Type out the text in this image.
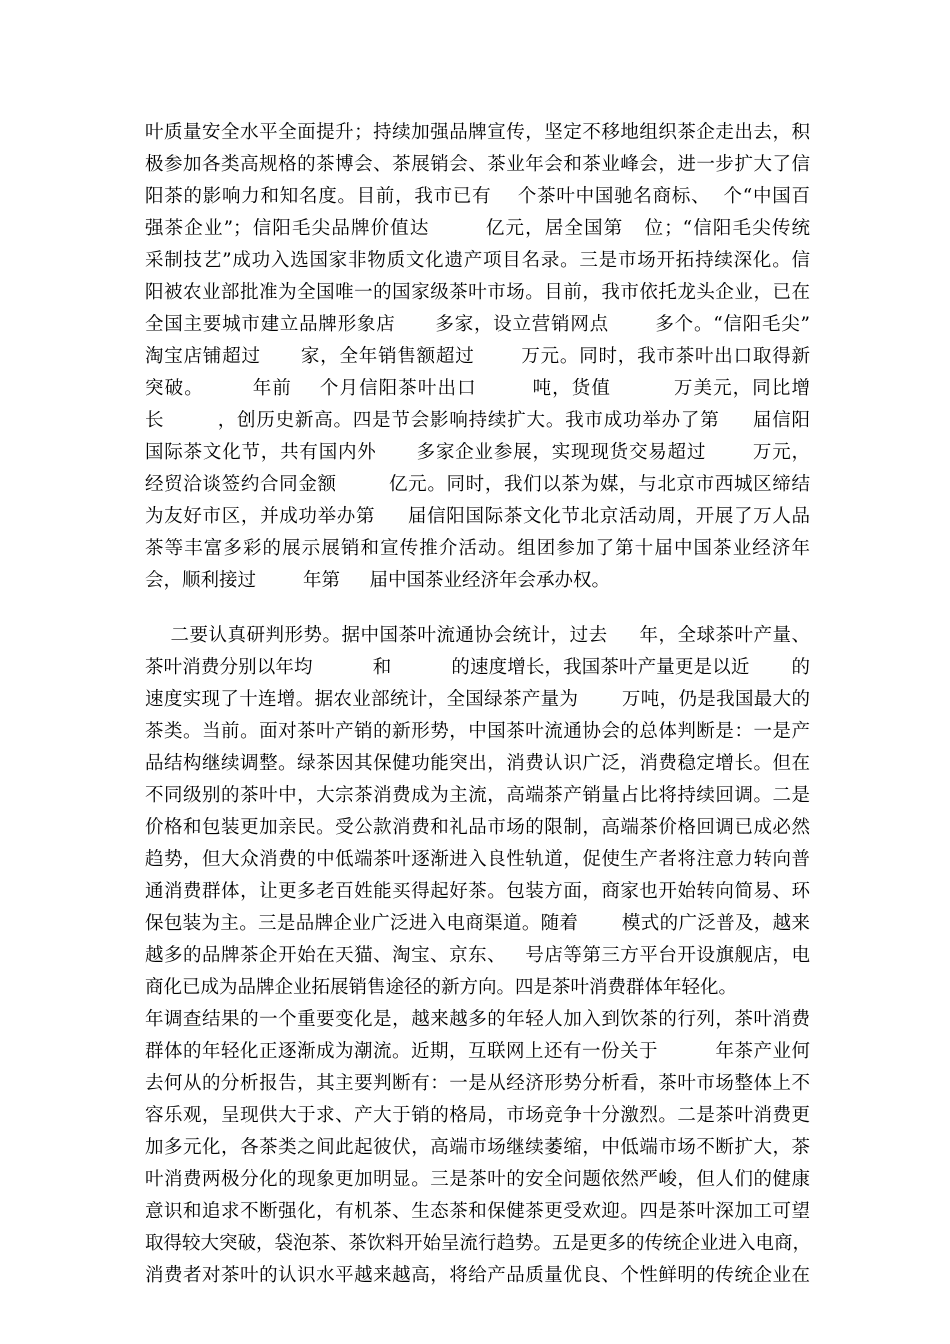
叶质量安全水平全面提升；持续加强品牌宣传，坚定不移地组织茶企走出去，积
极参加各类高规格的茶博会、茶展销会、茶业年会和茶业峰会，进一步扩大了信
阳茶的影响力和知名度。目前，我市已有    个茶叶中国驰名商标、  个“中国百
强茶企业”；信阳毛尖品牌价值达        亿元，居全国第   位；“信阳毛尖传统
采制技艺”成功入选国家非物质文化遗产项目名录。三是市场开拓持续深化。信
阳被农业部批准为全国唯一的国家级茶叶市场。目前，我市依托龙头企业，已在
全国主要城市建立品牌形象店      多家，设立营销网点       多个。“信阳毛尖”
淘宝店铺超过      家，全年销售额超过       万元。同时，我市茶叶出口取得新
突破。       年前    个月信阳茶叶出口        吨，货值         万美元，同比增
长        ，创历史新高。四是节会影响持续扩大。我市成功举办了第     届信阳
国际茶文化节，共有国内外      多家企业参展，实现现货交易超过       万元，
经贸洽谈签约合同金额        亿元。同时，我们以茶为媒，与北京市西城区缔结
为友好市区，并成功举办第     届信阳国际茶文化节北京活动周，开展了万人品
茶等丰富多彩的展示展销和宣传推介活动。组团参加了第十届中国茶业经济年
会，顺利接过        年第     届中国茶业经济年会承办权。
二要认真研判形势。据中国茶叶流通协会统计，过去     年，全球茶叶产量、
茶叶消费分别以年均          和          的速度增长，我国茶叶产量更是以近       的
速度实现了十连增。据农业部统计，全国绿茶产量为       万吨，仍是我国最大的
茶类。当前。面对茶叶产销的新形势，中国茶叶流通协会的总体判断是：一是产
品结构继续调整。绿茶因其保健功能突出，消费认识广泛，消费稳定增长。但在
不同级别的茶叶中，大宗茶消费成为主流，高端茶产销量占比将持续回调。二是
价格和包装更加亲民。受公款消费和礼品市场的限制，高端茶价格回调已成必然
趋势，但大众消费的中低端茶叶逐渐进入良性轨道，促使生产者将注意力转向普
通消费群体，让更多老百姓能买得起好茶。包装方面，商家也开始转向简易、环
保包装为主。三是品牌企业广泛进入电商渠道。随着       模式的广泛普及，越来
越多的品牌茶企开始在天猫、淘宝、京东、   号店等第三方平台开设旗舰店，电
商化已成为品牌企业拓展销售途径的新方向。四是茶叶消费群体年轻化。
年调查结果的一个重要变化是，越来越多的年轻人加入到饮茶的行列，茶叶消费
群体的年轻化正逐渐成为潮流。近期，互联网上还有一份关于         年茶产业何
去何从的分析报告，其主要判断有：一是从经济形势分析看，茶叶市场整体上不
容乐观，呈现供大于求、产大于销的格局，市场竞争十分激烈。二是茶叶消费更
加多元化，各茶类之间此起彼伏，高端市场继续萎缩，中低端市场不断扩大，茶
叶消费两极分化的现象更加明显。三是茶叶的安全问题依然严峻，但人们的健康
意识和追求不断强化，有机茶、生态茶和保健茶更受欢迎。四是茶叶深加工可望
取得较大突破，袋泡茶、茶饮料开始呈流行趋势。五是更多的传统企业进入电商，
消费者对茶叶的认识水平越来越高，将给产品质量优良、个性鲜明的传统企业在
